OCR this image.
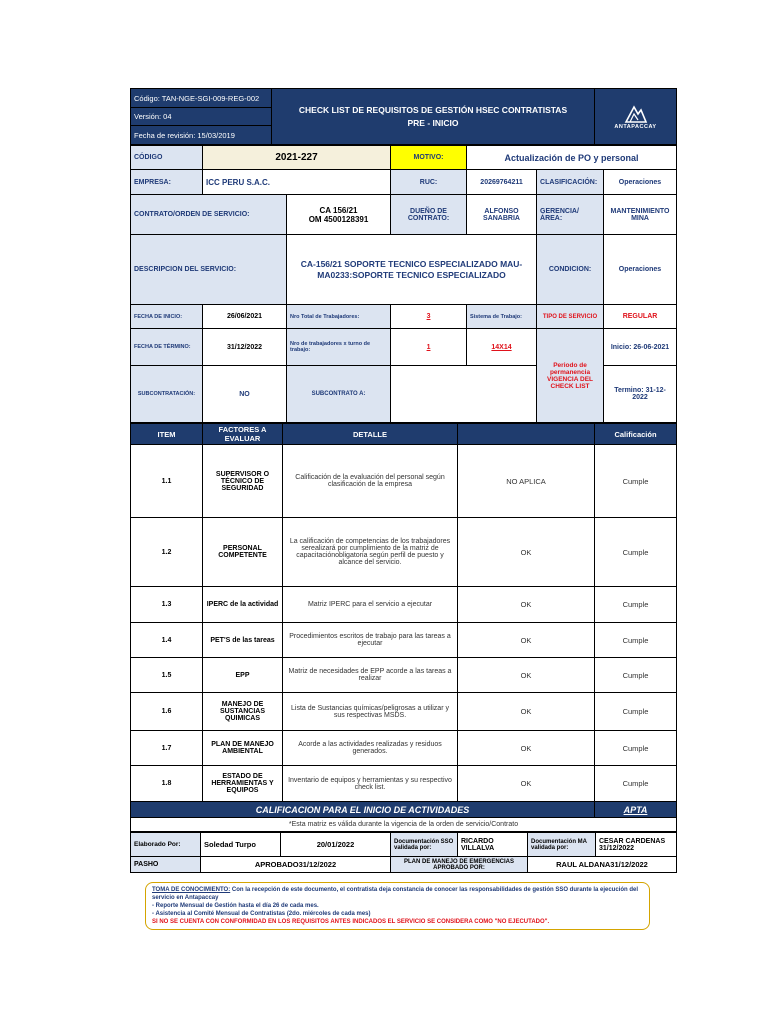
Código: TAN-NGE-SGI-009-REG-002	
CHECK LIST DE REQUISITOS DE GESTIÓN HSEC CONTRATISTAS
PRE - INICIO	ANTAPACCAY

Versión: 04
Fecha de revisión: 15/03/2019
CÓDIGO	2021-227		MOTIVO:	Actualización de PO y personal		
EMPRESA:	ICC PERU S.A.C.		RUC:	20269764211	CLASIFICACIÓN:	Operaciones
CONTRATO/ORDEN DE SERVICIO:		CA 156/21
OM 4500128391	DUEÑO DE CONTRATO:	ALFONSO SANABRIA	GERENCIA/ ÁREA:	MANTENIMIENTO MINA
DESCRIPCION DEL SERVICIO:		CA-156/21 SOPORTE TECNICO ESPECIALIZADO MAU-MA0233:SOPORTE TECNICO ESPECIALIZADO			CONDICION:	Operaciones
FECHA DE INICIO:	26/06/2021	Nro Total de Trabajadores:	3	Sistema de Trabajo:	TIPO DE SERVICIO	REGULAR
FECHA DE TÉRMINO:	31/12/2022	Nro de trabajadores x turno de trabajo:	1	14X14	Periodo de permanencia VIGENCIA DEL CHECK LIST	Inicio: 26-06-2021
SUBCONTRATACIÓN:	NO	SUBCONTRATO A:				Termino: 31-12-2022
ITEM	FACTORES A EVALUAR	DETALLE		Calificación
1.1	SUPERVISOR O TÉCNICO DE SEGURIDAD	Calificación de la evaluación del personal según clasificación de la empresa	NO APLICA	Cumple
1.2	PERSONAL COMPETENTE	La calificación de competencias de los trabajadores serealizará por cumplimiento de la matriz de capacitaciónobligatoria según perfil de puesto y alcance del servicio.	OK	Cumple
1.3	IPERC de la actividad	Matriz IPERC para el servicio a ejecutar	OK	Cumple
1.4	PET'S de las tareas	Procedimientos escritos de trabajo para las tareas a ejecutar	OK	Cumple
1.5	EPP	Matriz de necesidades de EPP acorde a las tareas a realizar	OK	Cumple
1.6	MANEJO DE SUSTANCIAS QUIMICAS	Lista de Sustancias químicas/peligrosas a utilizar y sus respectivas MSDS.	OK	Cumple
1.7	PLAN DE MANEJO AMBIENTAL	Acorde a las actividades realizadas y residuos generados.	OK	Cumple
1.8	ESTADO DE HERRAMIENTAS Y EQUIPOS	Inventario de equipos y herramientas y su respectivo check list.	OK	Cumple
CALIFICACION PARA EL INICIO DE ACTIVIDADES				APTA
*Esta matriz es válida durante la vigencia de la orden de servicio/Contrato				
Elaborado Por:	Soledad Turpo	20/01/2022	Documentación SSO validada por:	RICARDO VILLALVA	Documentación MA validada por:	CESAR CARDENAS 31/12/2022
PASHO	APROBADO31/12/2022		PLAN DE MANEJO DE EMERGENCIAS APROBADO POR:		RAUL ALDANA31/12/2022	
TOMA DE CONOCIMIENTO: Con la recepción de este documento, el contratista deja constancia de conocer las responsabilidades de gestión SSO durante la ejecución del servicio en Antapaccay
- Reporte Mensual de Gestión hasta el día 26 de cada mes.
- Asistencia al Comité Mensual de Contratistas (2do. miércoles de cada mes)
SI NO SE CUENTA CON CONFORMIDAD EN LOS REQUISITOS ANTES INDICADOS EL SERVICIO SE CONSIDERA COMO "NO EJECUTADO".
